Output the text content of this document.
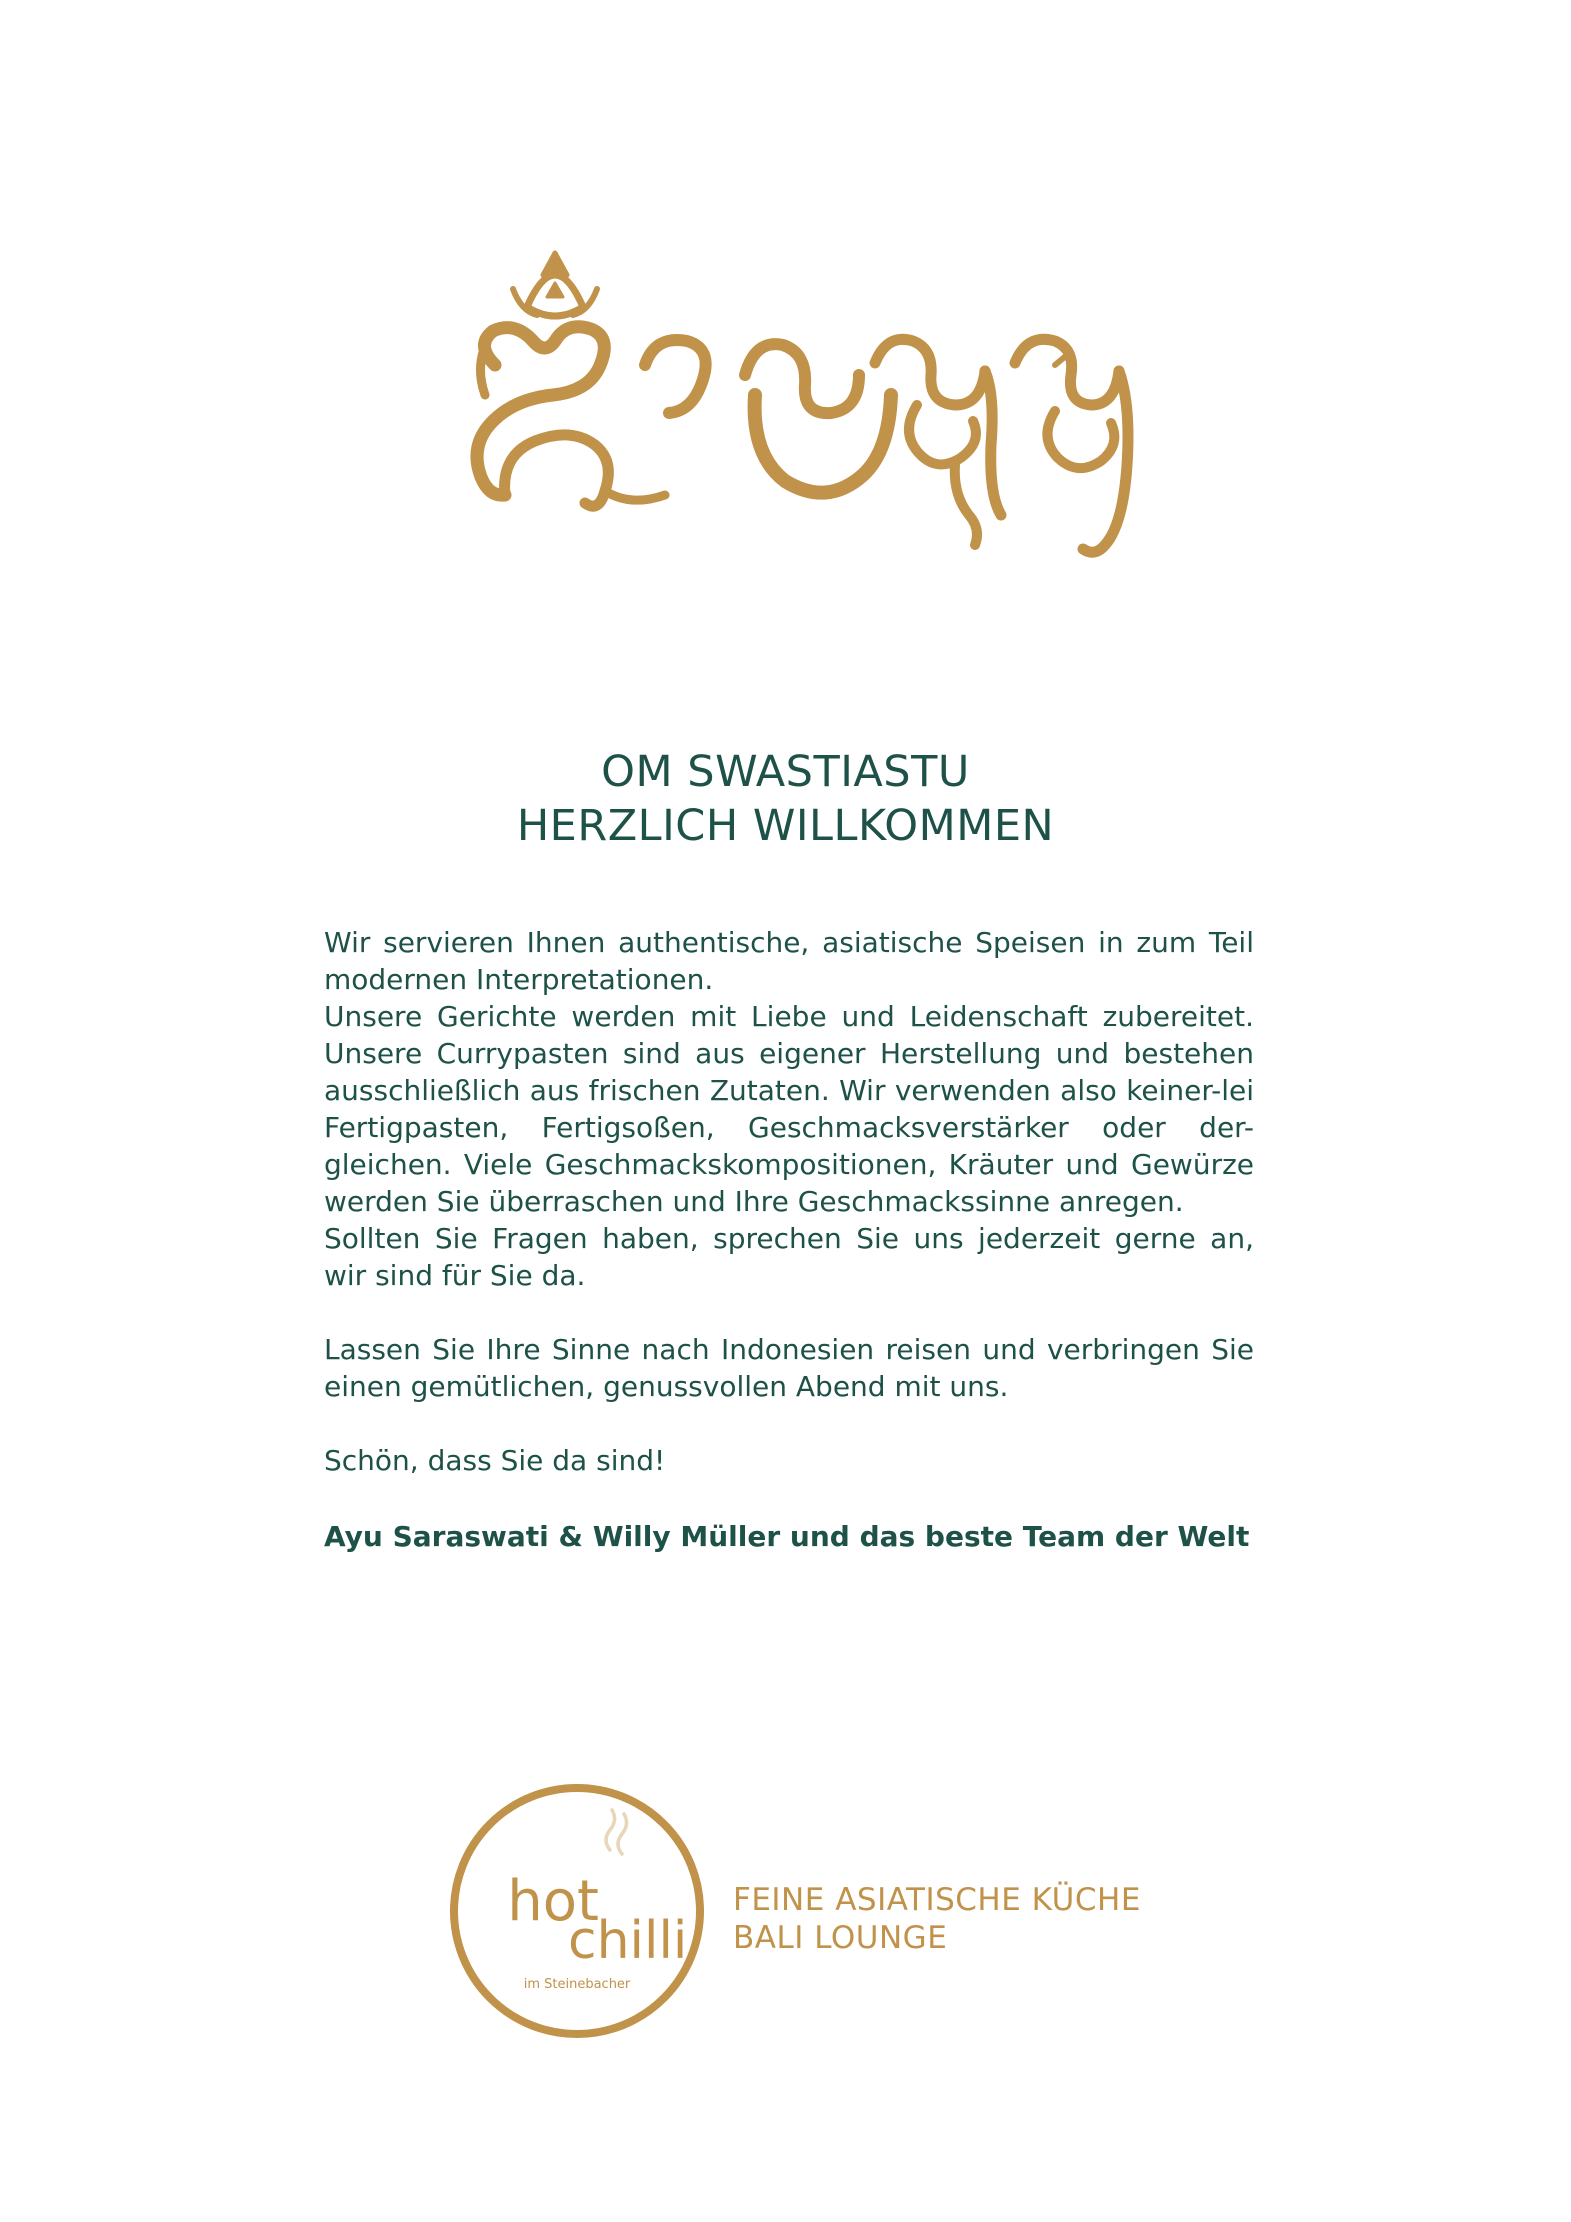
OM SWASTIASTU
HERZLICH WILLKOMMEN
Wir servieren Ihnen authentische, asiatische Speisen in zum Teil modernen Interpretationen.
Unsere Gerichte werden mit Liebe und Leidenschaft zubereitet. Unsere Currypasten sind aus eigener Herstellung und bestehen ausschließlich aus frischen Zutaten. Wir verwenden also keiner-lei Fertigpasten, Fertigsoßen, Geschmacksverstärker oder der-gleichen. Viele Geschmackskompositionen, Kräuter und Gewürze werden Sie überraschen und Ihre Geschmackssinne anregen.
Sollten Sie Fragen haben, sprechen Sie uns jederzeit gerne an, wir sind für Sie da.
Lassen Sie Ihre Sinne nach Indonesien reisen und verbringen Sie einen gemütlichen, genussvollen Abend mit uns.
Schön, dass Sie da sind!
Ayu Saraswati & Willy Müller und das beste Team der Welt
hot
chilli
im Steinebacher
FEINE ASIATISCHE KÜCHE
BALI LOUNGE
